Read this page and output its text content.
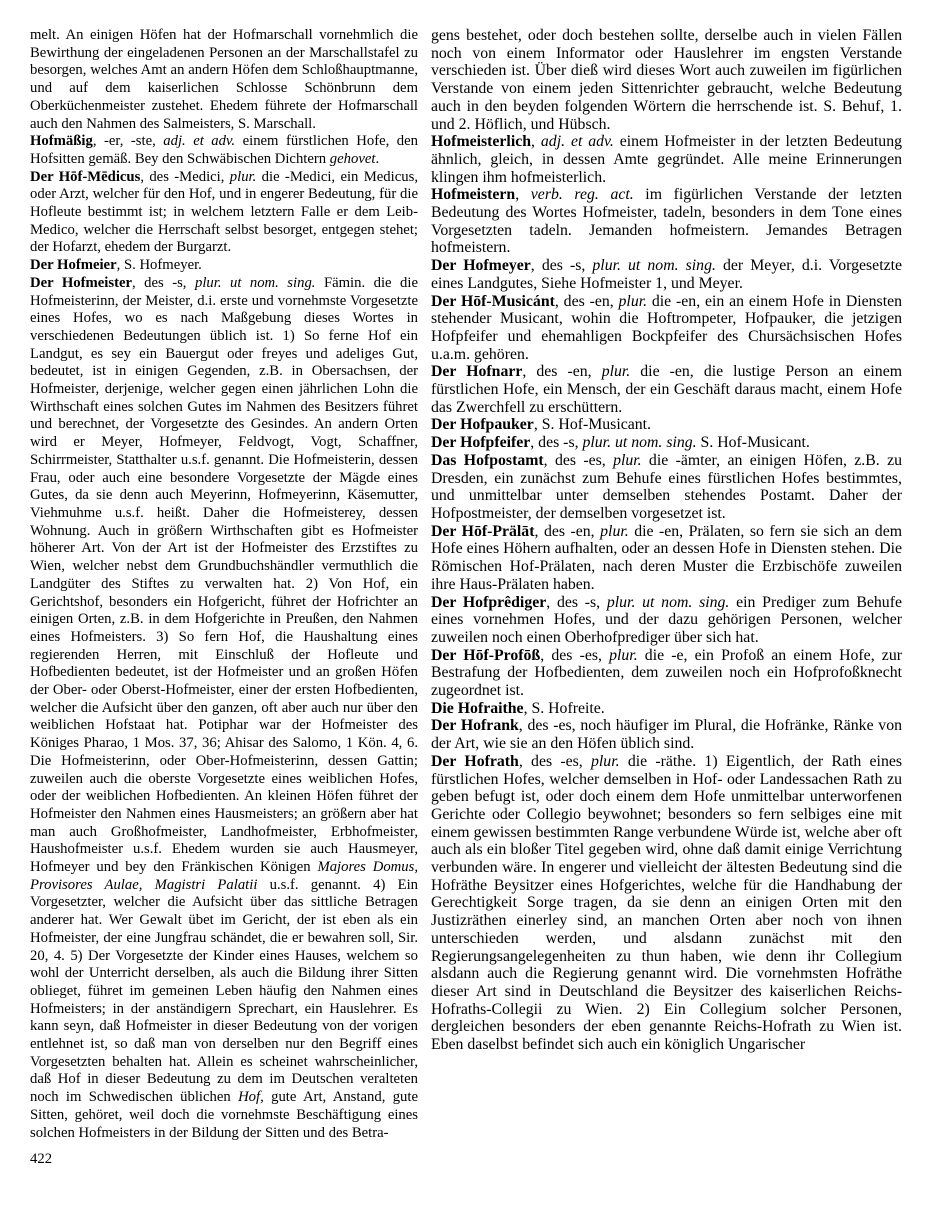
melt. An einigen Höfen hat der Hofmarschall vornehmlich die Bewirthung der eingeladenen Personen an der Marschallstafel zu besorgen, welches Amt an andern Höfen dem Schloßhauptmanne, und auf dem kaiserlichen Schlosse Schönbrunn dem Oberküchenmeister zustehet. Ehedem führete der Hofmarschall auch den Nahmen des Salmeisters, S. Marschall.

Hofmäßig, -er, -ste, adj. et adv. einem fürstlichen Hofe, den Hofsitten gemäß. Bey den Schwäbischen Dichtern gehovet.

Der Hōf-Mēdicus, des -Medici, plur. die -Medici, ein Medicus, oder Arzt, welcher für den Hof, und in engerer Bedeutung, für die Hofleute bestimmt ist; in welchem letztern Falle er dem Leib-Medico, welcher die Herrschaft selbst besorget, entgegen stehet; der Hofarzt, ehedem der Burgarzt.

Der Hofmeier, S. Hofmeyer.

Der Hofmeister, des -s, plur. ut nom. sing. Fämin. die die Hofmeisterinn, der Meister, d.i. erste und vornehmste Vorgesetzte eines Hofes, wo es nach Maßgebung dieses Wortes in verschiedenen Bedeutungen üblich ist. 1) So ferne Hof ein Landgut, es sey ein Bauergut oder freyes und adeliges Gut, bedeutet, ist in einigen Gegenden, z.B. in Obersachsen, der Hofmeister, derjenige, welcher gegen einen jährlichen Lohn die Wirthschaft eines solchen Gutes im Nahmen des Besitzers führet und berechnet, der Vorgesetzte des Gesindes. An andern Orten wird er Meyer, Hofmeyer, Feldvogt, Vogt, Schaffner, Schirrmeister, Statthalter u.s.f. genannt. Die Hofmeisterin, dessen Frau, oder auch eine besondere Vorgesetzte der Mägde eines Gutes, da sie denn auch Meyerinn, Hofmeyerinn, Käsemutter, Viehmuhme u.s.f. heißt. Daher die Hofmeisterey, dessen Wohnung. Auch in größern Wirthschaften gibt es Hofmeister höherer Art. Von der Art ist der Hofmeister des Erzstiftes zu Wien, welcher nebst dem Grundbuchshändler vermuthlich die Landgüter des Stiftes zu verwalten hat. 2) Von Hof, ein Gerichtshof, besonders ein Hofgericht, führet der Hofrichter an einigen Orten, z.B. in dem Hofgerichte in Preußen, den Nahmen eines Hofmeisters. 3) So fern Hof, die Haushaltung eines regierenden Herren, mit Einschluß der Hofleute und Hofbedienten bedeutet, ist der Hofmeister und an großen Höfen der Ober- oder Oberst-Hofmeister, einer der ersten Hofbedienten, welcher die Aufsicht über den ganzen, oft aber auch nur über den weiblichen Hofstaat hat. Potiphar war der Hofmeister des Königes Pharao, 1 Mos. 37, 36; Ahisar des Salomo, 1 Kön. 4, 6. Die Hofmeisterinn, oder Ober-Hofmeisterinn, dessen Gattin; zuweilen auch die oberste Vorgesetzte eines weiblichen Hofes, oder der weiblichen Hofbedienten. An kleinen Höfen führet der Hofmeister den Nahmen eines Hausmeisters; an größern aber hat man auch Großhofmeister, Landhofmeister, Erbhofmeister, Haushofmeister u.s.f. Ehedem wurden sie auch Hausmeyer, Hofmeyer und bey den Fränkischen Königen Majores Domus, Provisores Aulae, Magistri Palatii u.s.f. genannt. 4) Ein Vorgesetzter, welcher die Aufsicht über das sittliche Betragen anderer hat. Wer Gewalt übet im Gericht, der ist eben als ein Hofmeister, der eine Jungfrau schändet, die er bewahren soll, Sir. 20, 4. 5) Der Vorgesetzte der Kinder eines Hauses, welchem so wohl der Unterricht derselben, als auch die Bildung ihrer Sitten oblieget, führet im gemeinen Leben häufig den Nahmen eines Hofmeisters; in der anständigern Sprechart, ein Hauslehrer. Es kann seyn, daß Hofmeister in dieser Bedeutung von der vorigen entlehnet ist, so daß man von derselben nur den Begriff eines Vorgesetzten behalten hat. Allein es scheinet wahrscheinlicher, daß Hof in dieser Bedeutung zu dem im Deutschen veralteten noch im Schwedischen üblichen Hof, gute Art, Anstand, gute Sitten, gehöret, weil doch die vornehmste Beschäftigung eines solchen Hofmeisters in der Bildung der Sitten und des Betra-

gens bestehet, oder doch bestehen sollte, derselbe auch in vielen Fällen noch von einem Informator oder Hauslehrer im engsten Verstande verschieden ist. Über dieß wird dieses Wort auch zuweilen im figürlichen Verstande von einem jeden Sittenrichter gebraucht, welche Bedeutung auch in den beyden folgenden Wörtern die herrschende ist. S. Behuf, 1. und 2. Höflich, und Hübsch.

Hofmeisterlich, adj. et adv. einem Hofmeister in der letzten Bedeutung ähnlich, gleich, in dessen Amte gegründet. Alle meine Erinnerungen klingen ihm hofmeisterlich.

Hofmeistern, verb. reg. act. im figürlichen Verstande der letzten Bedeutung des Wortes Hofmeister, tadeln, besonders in dem Tone eines Vorgesetzten tadeln. Jemanden hofmeistern. Jemandes Betragen hofmeistern.

Der Hofmeyer, des -s, plur. ut nom. sing. der Meyer, d.i. Vorgesetzte eines Landgutes, Siehe Hofmeister 1, und Meyer.

Der Hōf-Musicánt, des -en, plur. die -en, ein an einem Hofe in Diensten stehender Musicant, wohin die Hoftrompeter, Hofpauker, die jetzigen Hofpfeifer und ehemahligen Bockpfeifer des Chursächsischen Hofes u.a.m. gehören.

Der Hofnarr, des -en, plur. die -en, die lustige Person an einem fürstlichen Hofe, ein Mensch, der ein Geschäft daraus macht, einem Hofe das Zwerchfell zu erschüttern.

Der Hofpauker, S. Hof-Musicant.

Der Hofpfeifer, des -s, plur. ut nom. sing. S. Hof-Musicant.

Das Hofpostamt, des -es, plur. die -ämter, an einigen Höfen, z.B. zu Dresden, ein zunächst zum Behufe eines fürstlichen Hofes bestimmtes, und unmittelbar unter demselben stehendes Postamt. Daher der Hofpostmeister, der demselben vorgesetzet ist.

Der Hōf-Prälāt, des -en, plur. die -en, Prälaten, so fern sie sich an dem Hofe eines Höhern aufhalten, oder an dessen Hofe in Diensten stehen. Die Römischen Hof-Prälaten, nach deren Muster die Erzbischöfe zuweilen ihre Haus-Prälaten haben.

Der Hofprêdiger, des -s, plur. ut nom. sing. ein Prediger zum Behufe eines vornehmen Hofes, und der dazu gehörigen Personen, welcher zuweilen noch einen Oberhofprediger über sich hat.

Der Hōf-Profōß, des -es, plur. die -e, ein Profoß an einem Hofe, zur Bestrafung der Hofbedienten, dem zuweilen noch ein Hofprofoßknecht zugeordnet ist.

Die Hofraithe, S. Hofreite.

Der Hofrank, des -es, noch häufiger im Plural, die Hofränke, Ränke von der Art, wie sie an den Höfen üblich sind.

Der Hofrath, des -es, plur. die -räthe. 1) Eigentlich, der Rath eines fürstlichen Hofes, welcher demselben in Hof- oder Landessachen Rath zu geben befugt ist, oder doch einem dem Hofe unmittelbar unterworfenen Gerichte oder Collegio beywohnet; besonders so fern selbiges eine mit einem gewissen bestimmten Range verbundene Würde ist, welche aber oft auch als ein bloßer Titel gegeben wird, ohne daß damit einige Verrichtung verbunden wäre. In engerer und vielleicht der ältesten Bedeutung sind die Hofräthe Beysitzer eines Hofgerichtes, welche für die Handhabung der Gerechtigkeit Sorge tragen, da sie denn an einigen Orten mit den Justizräthen einerley sind, an manchen Orten aber noch von ihnen unterschieden werden, und alsdann zunächst mit den Regierungsangelegenheiten zu thun haben, wie denn ihr Collegium alsdann auch die Regierung genannt wird. Die vornehmsten Hofräthe dieser Art sind in Deutschland die Beysitzer des kaiserlichen Reichs-Hofraths-Collegii zu Wien. 2) Ein Collegium solcher Personen, dergleichen besonders der eben genannte Reichs-Hofrath zu Wien ist. Eben daselbst befindet sich auch ein königlich Ungarischer

422
